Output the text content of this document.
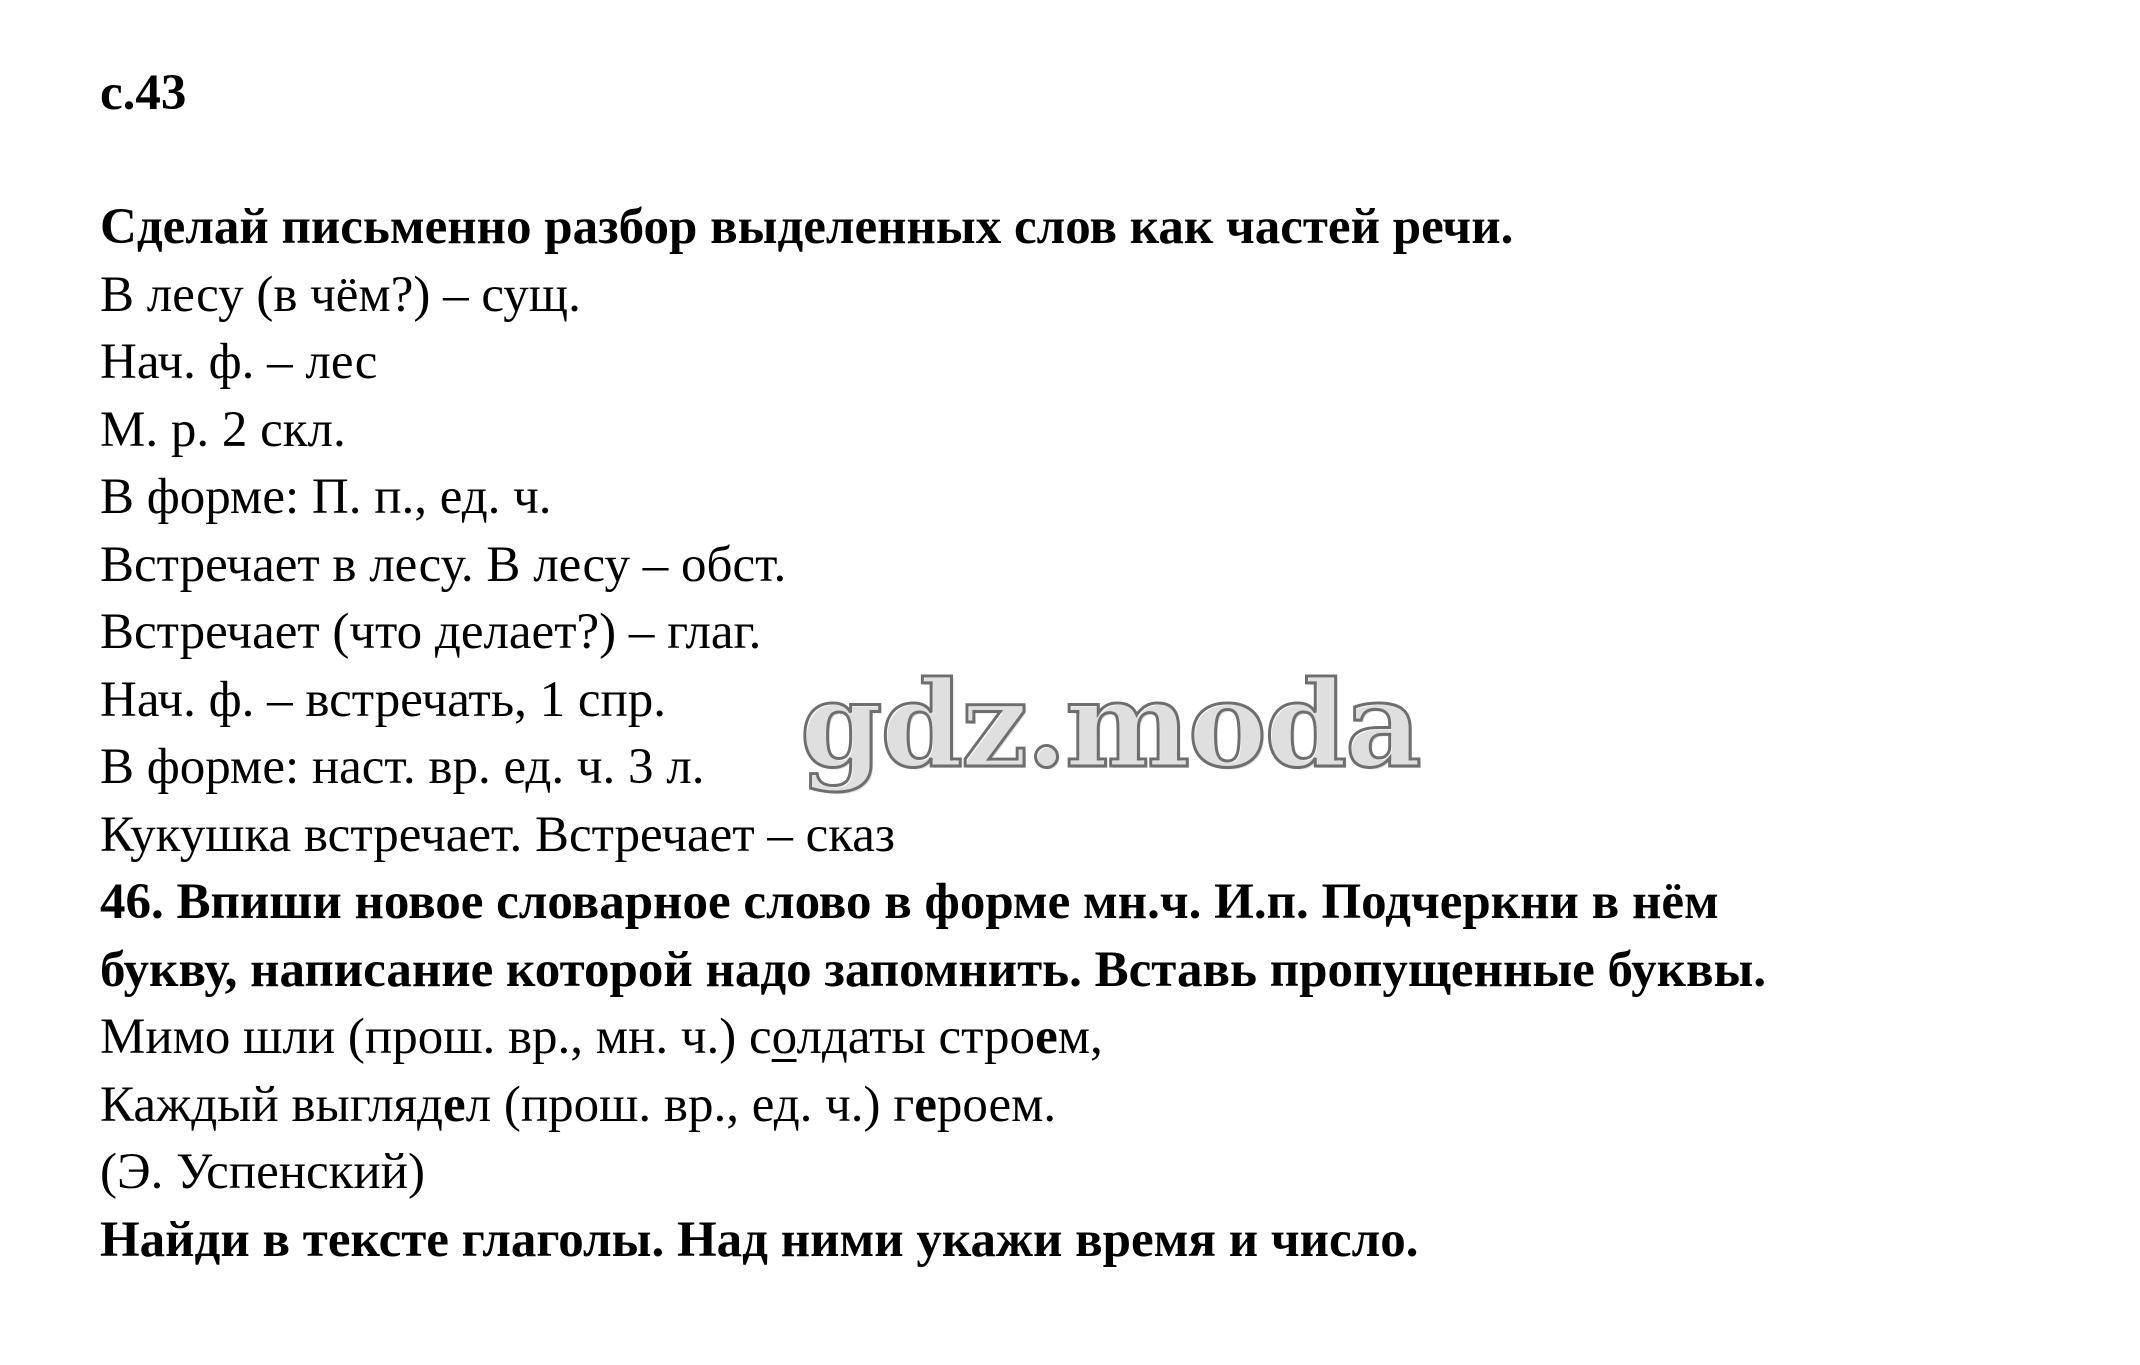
с.43
Сделай письменно разбор выделенных слов как частей речи.
В лесу (в чём?) – сущ.
Нач. ф. – лес
М. р. 2 скл.
В форме: П. п., ед. ч.
Встречает в лесу. В лесу – обст.
Встречает (что делает?) – глаг.
Нач. ф. – встречать, 1 спр.
В форме: наст. вр. ед. ч. 3 л.
Кукушка встречает. Встречает – сказ
46. Впиши новое словарное слово в форме мн.ч. И.п. Подчеркни в нём
букву, написание которой надо запомнить. Вставь пропущенные буквы.
Мимо шли (прош. вр., мн. ч.) солдаты строем,
Каждый выглядел (прош. вр., ед. ч.) героем.
(Э. Успенский)
Найди в тексте глаголы. Над ними укажи время и число.
gdz.moda
